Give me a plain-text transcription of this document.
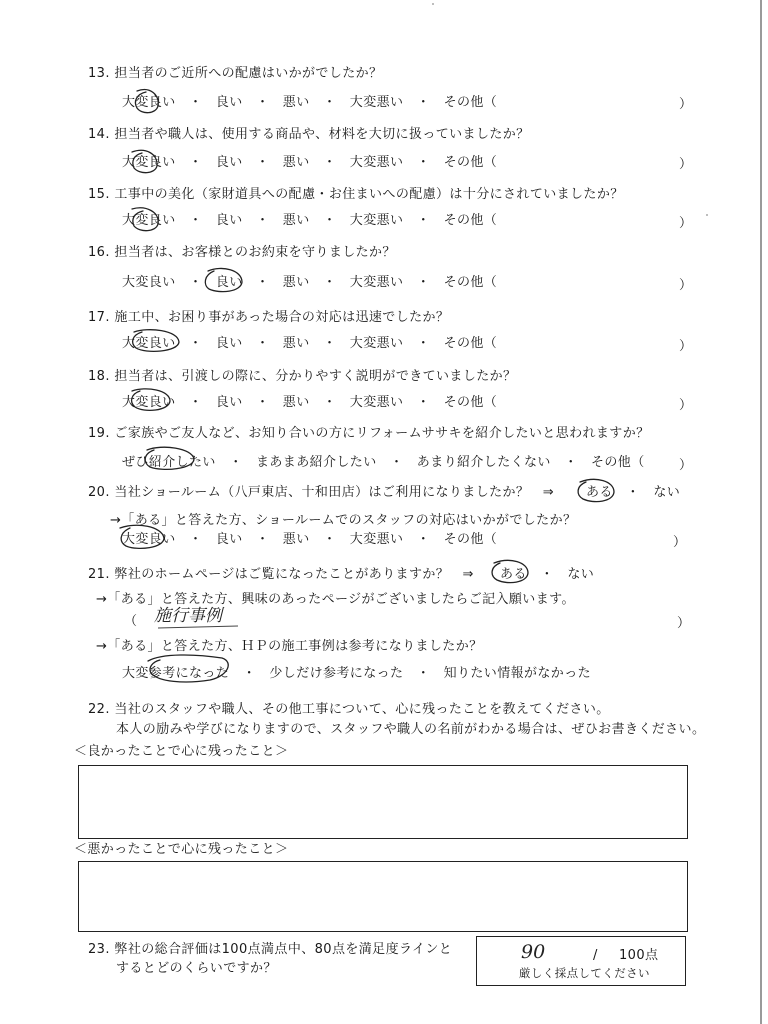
13. 担当者のご近所への配慮はいかがでしたか？
大変良い　・　良い　・　悪い　・　大変悪い　・　その他（	）
14. 担当者や職人は、使用する商品や、材料を大切に扱っていましたか？
大変良い　・　良い　・　悪い　・　大変悪い　・　その他（	）
15. 工事中の美化（家財道具への配慮・お住まいへの配慮）は十分にされていましたか？
大変良い　・　良い　・　悪い　・　大変悪い　・　その他（	）
16. 担当者は、お客様とのお約束を守りましたか？
大変良い　・　良い　・　悪い　・　大変悪い　・　その他（	）
17. 施工中、お困り事があった場合の対応は迅速でしたか？
大変良い　・　良い　・　悪い　・　大変悪い　・　その他（	）
18. 担当者は、引渡しの際に、分かりやすく説明ができていましたか？
大変良い　・　良い　・　悪い　・　大変悪い　・　その他（	）
19. ご家族やご友人など、お知り合いの方にリフォームササキを紹介したいと思われますか？
ぜひ紹介したい　・　まあまあ紹介したい　・　あまり紹介したくない　・　その他（	）
20. 当社ショールーム（八戸東店、十和田店）はご利用になりましたか？　⇒ ある ・ ない
→「ある」と答えた方、ショールームでのスタッフの対応はいかがでしたか？
大変良い　・　良い　・　悪い　・　大変悪い　・　その他（	）
21. 弊社のホームページはご覧になったことがありますか？　⇒ ある ・ ない
→「ある」と答えた方、興味のあったページがございましたらご記入願います。
（ 施行事例	）
→「ある」と答えた方、ＨＰの施工事例は参考になりましたか？
大変参考になった　・　少しだけ参考になった　・　知りたい情報がなかった
22. 当社のスタッフや職人、その他工事について、心に残ったことを教えてください。
本人の励みや学びになりますので、スタッフや職人の名前がわかる場合は、ぜひお書きください。
＜良かったことで心に残ったこと＞
＜悪かったことで心に残ったこと＞
23. 弊社の総合評価は100点満点中、80点を満足度ラインと
するとどのくらいですか？
90	/ 100点
厳しく採点してください
